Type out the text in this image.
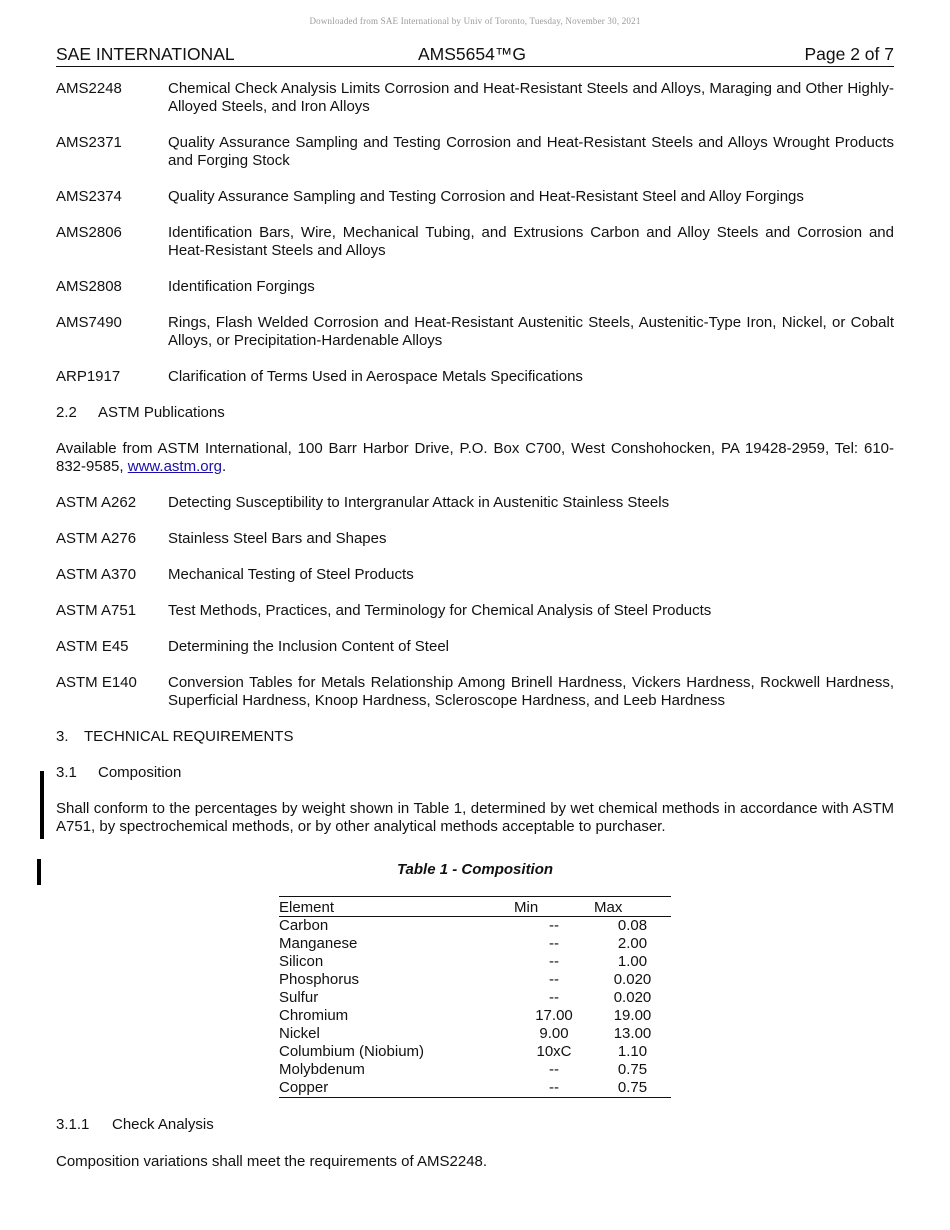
Downloaded from SAE International by Univ of Toronto, Tuesday, November 30, 2021
SAE INTERNATIONAL	AMS5654™G	Page 2 of 7
AMS2248	Chemical Check Analysis Limits Corrosion and Heat-Resistant Steels and Alloys, Maraging and Other Highly-Alloyed Steels, and Iron Alloys
AMS2371	Quality Assurance Sampling and Testing Corrosion and Heat-Resistant Steels and Alloys Wrought Products and Forging Stock
AMS2374	Quality Assurance Sampling and Testing Corrosion and Heat-Resistant Steel and Alloy Forgings
AMS2806	Identification Bars, Wire, Mechanical Tubing, and Extrusions Carbon and Alloy Steels and Corrosion and Heat-Resistant Steels and Alloys
AMS2808	Identification Forgings
AMS7490	Rings, Flash Welded Corrosion and Heat-Resistant Austenitic Steels, Austenitic-Type Iron, Nickel, or Cobalt Alloys, or Precipitation-Hardenable Alloys
ARP1917	Clarification of Terms Used in Aerospace Metals Specifications
2.2 ASTM Publications
Available from ASTM International, 100 Barr Harbor Drive, P.O. Box C700, West Conshohocken, PA 19428-2959, Tel: 610-832-9585, www.astm.org.
ASTM A262	Detecting Susceptibility to Intergranular Attack in Austenitic Stainless Steels
ASTM A276	Stainless Steel Bars and Shapes
ASTM A370	Mechanical Testing of Steel Products
ASTM A751	Test Methods, Practices, and Terminology for Chemical Analysis of Steel Products
ASTM E45	Determining the Inclusion Content of Steel
ASTM E140	Conversion Tables for Metals Relationship Among Brinell Hardness, Vickers Hardness, Rockwell Hardness, Superficial Hardness, Knoop Hardness, Scleroscope Hardness, and Leeb Hardness
3. TECHNICAL REQUIREMENTS
3.1 Composition
Shall conform to the percentages by weight shown in Table 1, determined by wet chemical methods in accordance with ASTM A751, by spectrochemical methods, or by other analytical methods acceptable to purchaser.
Table 1 - Composition
Element	Min	Max
Carbon	--	0.08
Manganese	--	2.00
Silicon	--	1.00
Phosphorus	--	0.020
Sulfur	--	0.020
Chromium	17.00	19.00
Nickel	9.00	13.00
Columbium (Niobium)	10xC	1.10
Molybdenum	--	0.75
Copper	--	0.75
3.1.1 Check Analysis
Composition variations shall meet the requirements of AMS2248.
